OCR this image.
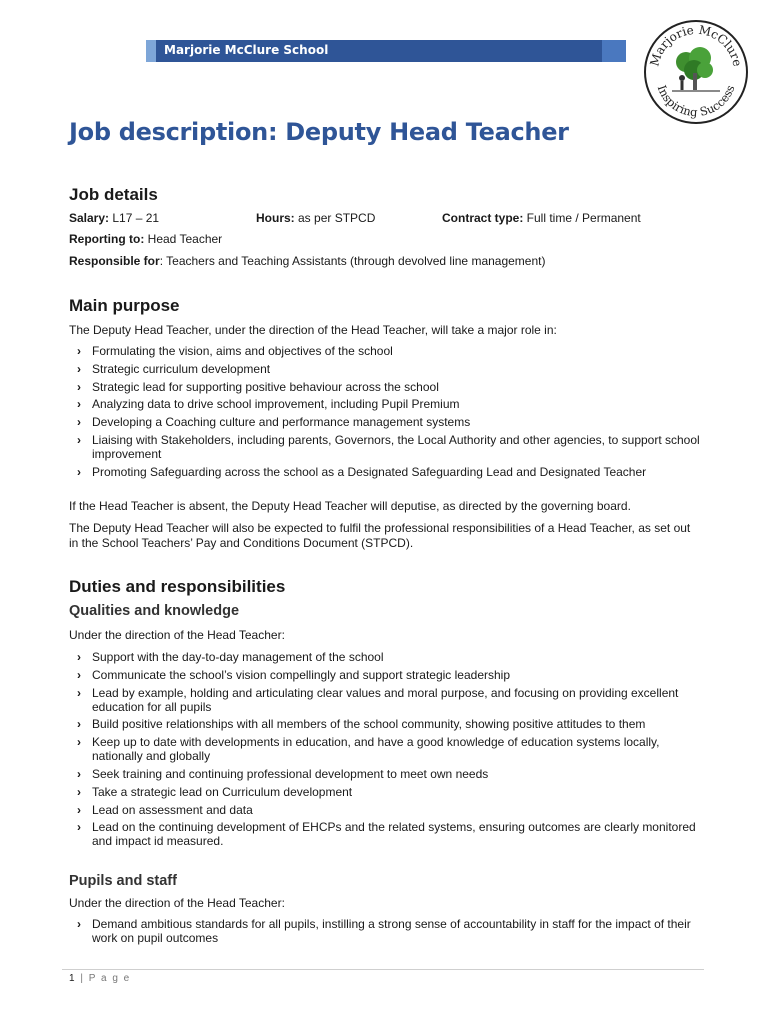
Marjorie McClure School
Marjorie McClure
Inspiring Success
Job description: Deputy Head Teacher
Job details
Salary: L17 – 21	Hours: as per STPCD	Contract type: Full time / Permanent
Reporting to: Head Teacher
Responsible for: Teachers and Teaching Assistants (through devolved line management)
Main purpose

The Deputy Head Teacher, under the direction of the Head Teacher, will take a major role in:

› Formulating the vision, aims and objectives of the school
› Strategic curriculum development
› Strategic lead for supporting positive behaviour across the school
› Analyzing data to drive school improvement, including Pupil Premium
› Developing a Coaching culture and performance management systems
› Liaising with Stakeholders, including parents, Governors, the Local Authority and other agencies, to support school improvement
› Promoting Safeguarding across the school as a Designated Safeguarding Lead and Designated Teacher

If the Head Teacher is absent, the Deputy Head Teacher will deputise, as directed by the governing board.

The Deputy Head Teacher will also be expected to fulfil the professional responsibilities of a Head Teacher, as set out in the School Teachers’ Pay and Conditions Document (STPCD).

Duties and responsibilities
Qualities and knowledge

Under the direction of the Head Teacher:

› Support with the day-to-day management of the school
› Communicate the school’s vision compellingly and support strategic leadership
› Lead by example, holding and articulating clear values and moral purpose, and focusing on providing excellent education for all pupils
› Build positive relationships with all members of the school community, showing positive attitudes to them
› Keep up to date with developments in education, and have a good knowledge of education systems locally, nationally and globally
› Seek training and continuing professional development to meet own needs
› Take a strategic lead on Curriculum development
› Lead on assessment and data
› Lead on the continuing development of EHCPs and the related systems, ensuring outcomes are clearly monitored and impact id measured.
Pupils and staff

Under the direction of the Head Teacher:

› Demand ambitious standards for all pupils, instilling a strong sense of accountability in staff for the impact of their work on pupil outcomes
1 | P a g e
